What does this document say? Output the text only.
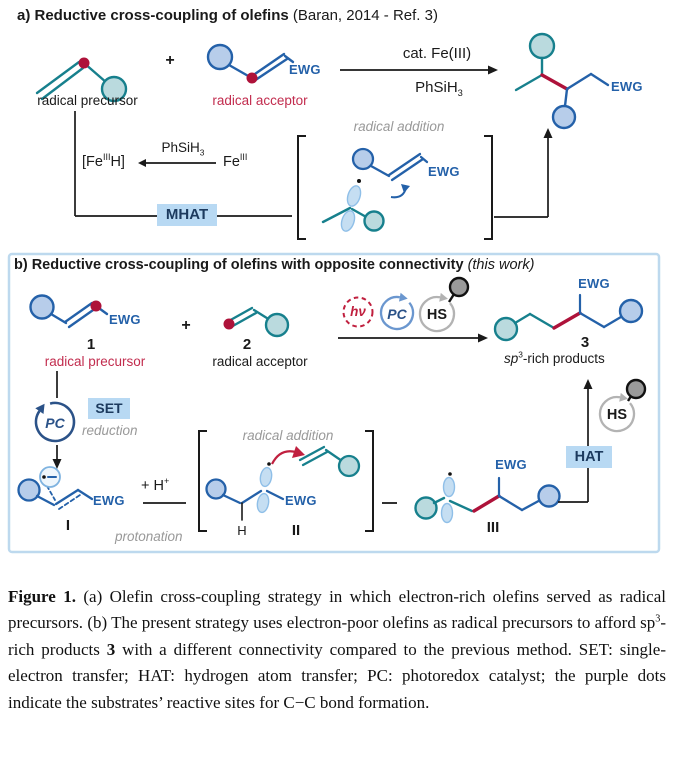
a) Reductive cross-coupling of olefins (Baran, 2014 - Ref. 3)
radical precursor	radical acceptor
+
EWG
cat. Fe(III)
PhSiH$_3$	EWG
$[Fe^{III}H]$
PhSiH$_3$
$Fe^{III}$
MHAT
radical addition
EWG
b) Reductive cross-coupling of olefins with opposite connectivity (this work)
EWG
1
radical precursor
+
2
radical acceptor
hν	PC HS
EWG
3
$sp^3$-rich products
PC
SET
reduction
EWG
I
+ H+
protonation
radical addition
EWG
H	II
EWG
III
HAT
HS
Figure 1. (a) Olefin cross-coupling strategy in which electron-rich olefins served as radical precursors. (b) The present strategy uses electron-poor olefins as radical precursors to afford $sp^3$-rich products 3 with a different connectivity compared to the previous method. SET: single-electron transfer; HAT: hydrogen atom transfer; PC: photoredox catalyst; the purple dots indicate the substrates’ reactive sites for C−C bond formation.
